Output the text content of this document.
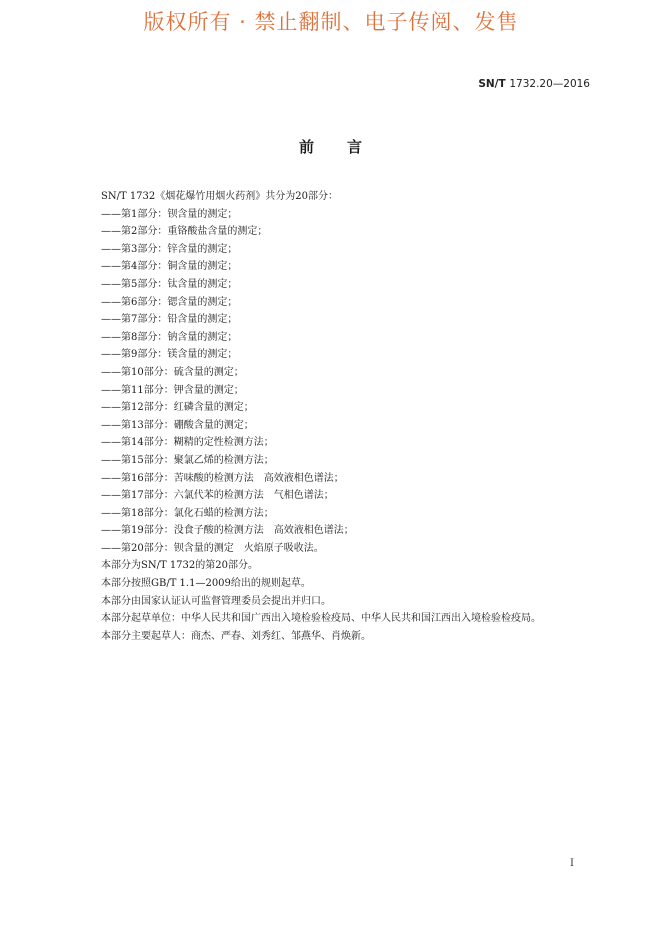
版权所有 · 禁止翻制、电子传阅、发售
SN/T 1732.20—2016
前　　言

SN/T 1732《烟花爆竹用烟火药剂》共分为20部分：

——第1部分：钡含量的测定；
——第2部分：重铬酸盐含量的测定；
——第3部分：锌含量的测定；
——第4部分：铜含量的测定；
——第5部分：钛含量的测定；
——第6部分：锶含量的测定；
——第7部分：铅含量的测定；
——第8部分：钠含量的测定；
——第9部分：镁含量的测定；
——第10部分：硫含量的测定；
——第11部分：钾含量的测定；
——第12部分：红磷含量的测定；
——第13部分：硼酸含量的测定；
——第14部分：糊精的定性检测方法；
——第15部分：聚氯乙烯的检测方法；
——第16部分：苦味酸的检测方法　高效液相色谱法；
——第17部分：六氯代苯的检测方法　气相色谱法；
——第18部分：氯化石蜡的检测方法；
——第19部分：没食子酸的检测方法　高效液相色谱法；
——第20部分：钡含量的测定　火焰原子吸收法。

本部分为SN/T 1732的第20部分。

本部分按照GB/T 1.1—2009给出的规则起草。

本部分由国家认证认可监督管理委员会提出并归口。

本部分起草单位：中华人民共和国广西出入境检验检疫局、中华人民共和国江西出入境检验检疫局。

本部分主要起草人：商杰、严春、刘秀红、邹燕华、肖焕新。

I
